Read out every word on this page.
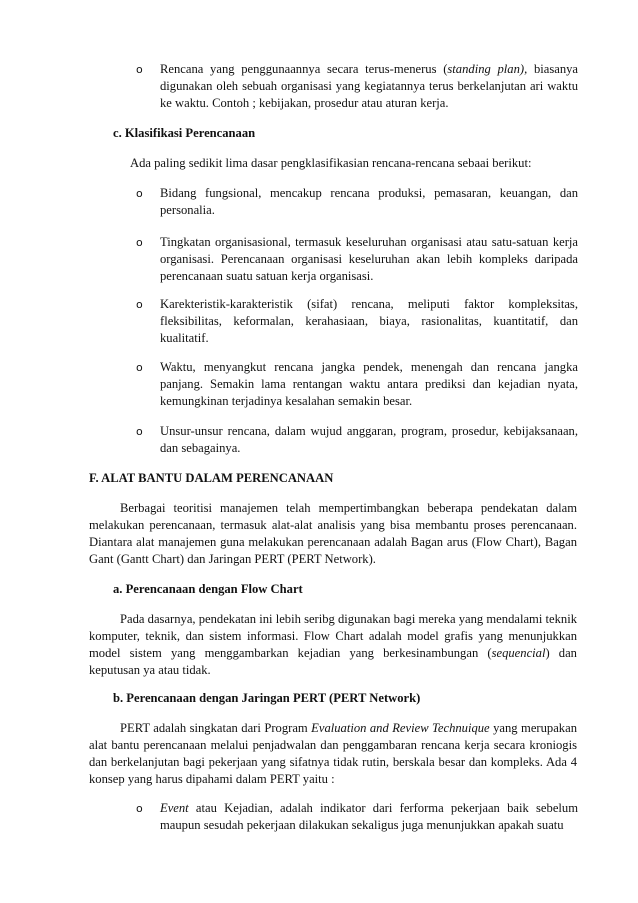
o Rencana yang penggunaannya secara terus-menerus (standing plan), biasanya digunakan oleh sebuah organisasi yang kegiatannya terus berkelanjutan ari waktu ke waktu. Contoh ; kebijakan, prosedur atau aturan kerja.
c. Klasifikasi Perencanaan
Ada paling sedikit lima dasar pengklasifikasian rencana-rencana sebaai berikut:
o Bidang fungsional, mencakup rencana produksi, pemasaran, keuangan, dan personalia.
o Tingkatan organisasional, termasuk keseluruhan organisasi atau satu-satuan kerja organisasi. Perencanaan organisasi keseluruhan akan lebih kompleks daripada perencanaan suatu satuan kerja organisasi.
o Karekteristik-karakteristik (sifat) rencana, meliputi faktor kompleksitas, fleksibilitas, keformalan, kerahasiaan, biaya, rasionalitas, kuantitatif, dan kualitatif.
o Waktu, menyangkut rencana jangka pendek, menengah dan rencana jangka panjang. Semakin lama rentangan waktu antara prediksi dan kejadian nyata, kemungkinan terjadinya kesalahan semakin besar.
o Unsur-unsur rencana, dalam wujud anggaran, program, prosedur, kebijaksanaan, dan sebagainya.
F. ALAT BANTU DALAM PERENCANAAN
Berbagai teoritisi manajemen telah mempertimbangkan beberapa pendekatan dalam melakukan perencanaan, termasuk alat-alat analisis yang bisa membantu proses perencanaan. Diantara alat manajemen guna melakukan perencanaan adalah Bagan arus (Flow Chart), Bagan Gant (Gantt Chart) dan Jaringan PERT (PERT Network).
a. Perencanaan dengan Flow Chart
Pada dasarnya, pendekatan ini lebih seribg digunakan bagi mereka yang mendalami teknik komputer, teknik, dan sistem informasi. Flow Chart adalah model grafis yang menunjukkan model sistem yang menggambarkan kejadian yang berkesinambungan (sequencial) dan keputusan ya atau tidak.
b. Perencanaan dengan Jaringan PERT (PERT Network)
PERT adalah singkatan dari Program Evaluation and Review Technuique yang merupakan alat bantu perencanaan melalui penjadwalan dan penggambaran rencana kerja secara kroniogis dan berkelanjutan bagi pekerjaan yang sifatnya tidak rutin, berskala besar dan kompleks. Ada 4 konsep yang harus dipahami dalam PERT yaitu :
o Event atau Kejadian, adalah indikator dari ferforma pekerjaan baik sebelum maupun sesudah pekerjaan dilakukan sekaligus juga menunjukkan apakah suatu
